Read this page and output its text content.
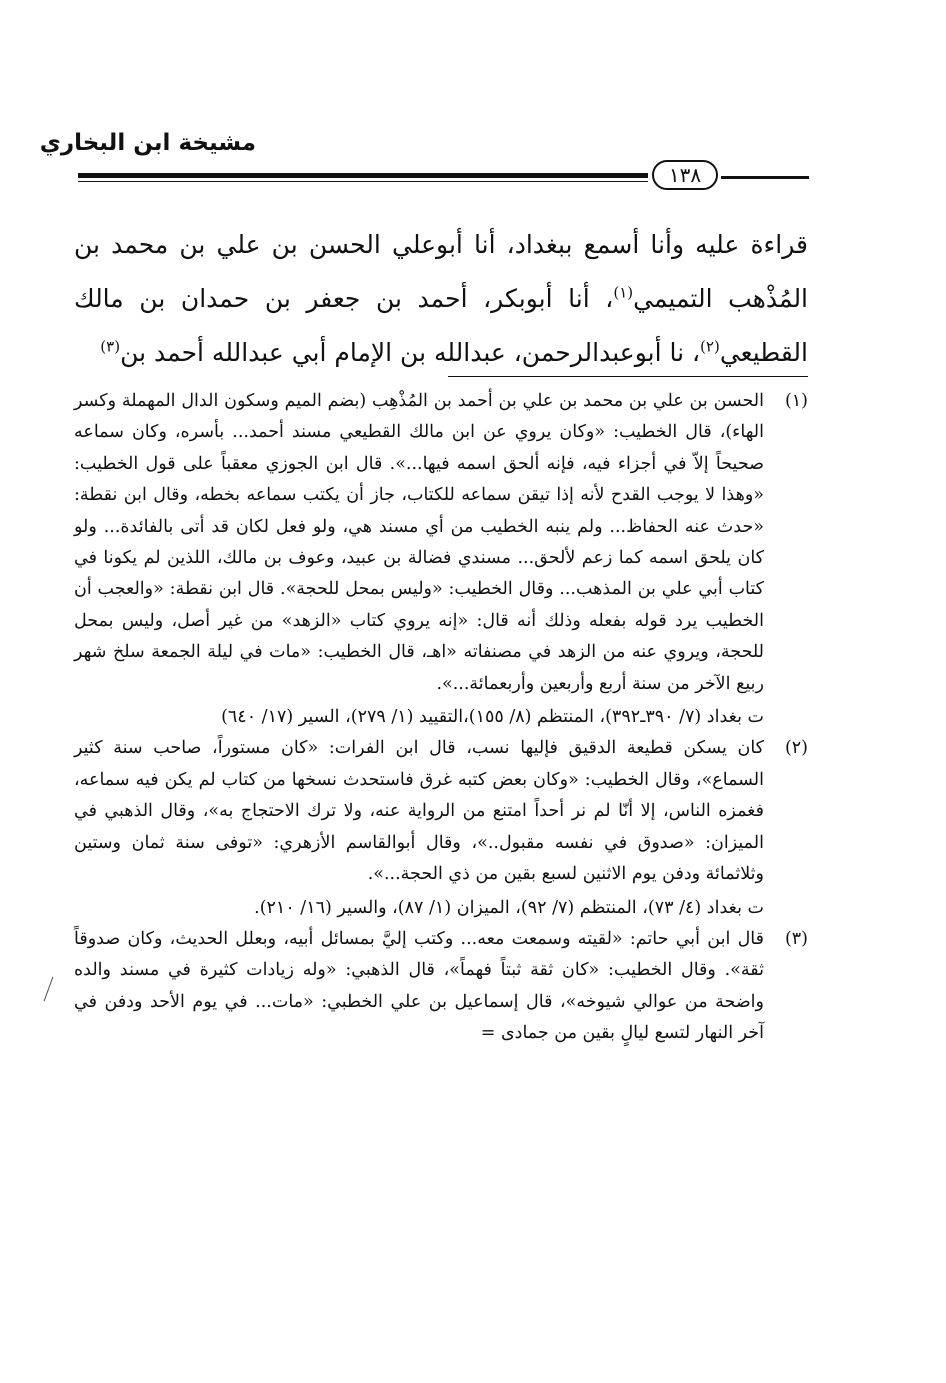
مشيخة ابن البخاري
١٣٨
قراءة عليه وأنا أسمع ببغداد، أنا أبوعلي الحسن بن علي بن محمد بن المُذْهب التميمي$^{(١)}$، أنا أبوبكر، أحمد بن جعفر بن حمدان بن مالك القطيعي$^{(٢)}$، نا أبوعبدالرحمن، عبدالله بن الإمام أبي عبدالله أحمد بن$^{(٣)}$
(١)
الحسن بن علي بن محمد بن علي بن أحمد بن المُذْهِب (بضم الميم وسكون الدال المهملة وكسر الهاء)، قال الخطيب: «وكان يروي عن ابن مالك القطيعي مسند أحمد... بأسره، وكان سماعه صحيحاً إلاّ في أجزاء فيه، فإنه ألحق اسمه فيها...». قال ابن الجوزي معقباً على قول الخطيب: «وهذا لا يوجب القدح لأنه إذا تيقن سماعه للكتاب، جاز أن يكتب سماعه بخطه، وقال ابن نقطة: «حدث عنه الحفاظ... ولم ينبه الخطيب من أي مسند هي، ولو فعل لكان قد أتى بالفائدة... ولو كان يلحق اسمه كما زعم لألحق... مسندي فضالة بن عبيد، وعوف بن مالك، اللذين لم يكونا في كتاب أبي علي بن المذهب... وقال الخطيب: «وليس بمحل للحجة». قال ابن نقطة: «والعجب أن الخطيب يرد قوله بفعله وذلك أنه قال: «إنه يروي كتاب «الزهد» من غير أصل، وليس بمحل للحجة، ويروي عنه من الزهد في مصنفاته «اهـ، قال الخطيب: «مات في ليلة الجمعة سلخ شهر ربيع الآخر من سنة أربع وأربعين وأربعمائة...».
ت بغداد (٧/ ٣٩٠ـ٣٩٢)، المنتظم (٨/ ١٥٥)،التقييد (١/ ٢٧٩)، السير (١٧/ ٦٤٠)
(٢)
كان يسكن قطيعة الدقيق فإليها نسب، قال ابن الفرات: «كان مستوراً، صاحب سنة كثير السماع»، وقال الخطيب: «وكان بعض كتبه غرق فاستحدث نسخها من كتاب لم يكن فيه سماعه، فغمزه الناس، إلا أنّا لم نر أحداً امتنع من الرواية عنه، ولا ترك الاحتجاج به»، وقال الذهبي في الميزان: «صدوق في نفسه مقبول..»، وقال أبوالقاسم الأزهري: «توفى سنة ثمان وستين وثلاثمائة ودفن يوم الاثنين لسبع بقين من ذي الحجة...».
ت بغداد (٤/ ٧٣)، المنتظم (٧/ ٩٢)، الميزان (١/ ٨٧)، والسير (١٦/ ٢١٠).
(٣)
قال ابن أبي حاتم: «لقيته وسمعت معه... وكتب إليَّ بمسائل أبيه، وبعلل الحديث، وكان صدوقاً ثقة». وقال الخطيب: «كان ثقة ثبتاً فهماً»، قال الذهبي: «وله زيادات كثيرة في مسند والده واضحة من عوالي شيوخه»، قال إسماعيل بن علي الخطبي: «مات... في يوم الأحد ودفن في آخر النهار لتسع ليالٍ بقين من جمادى =
